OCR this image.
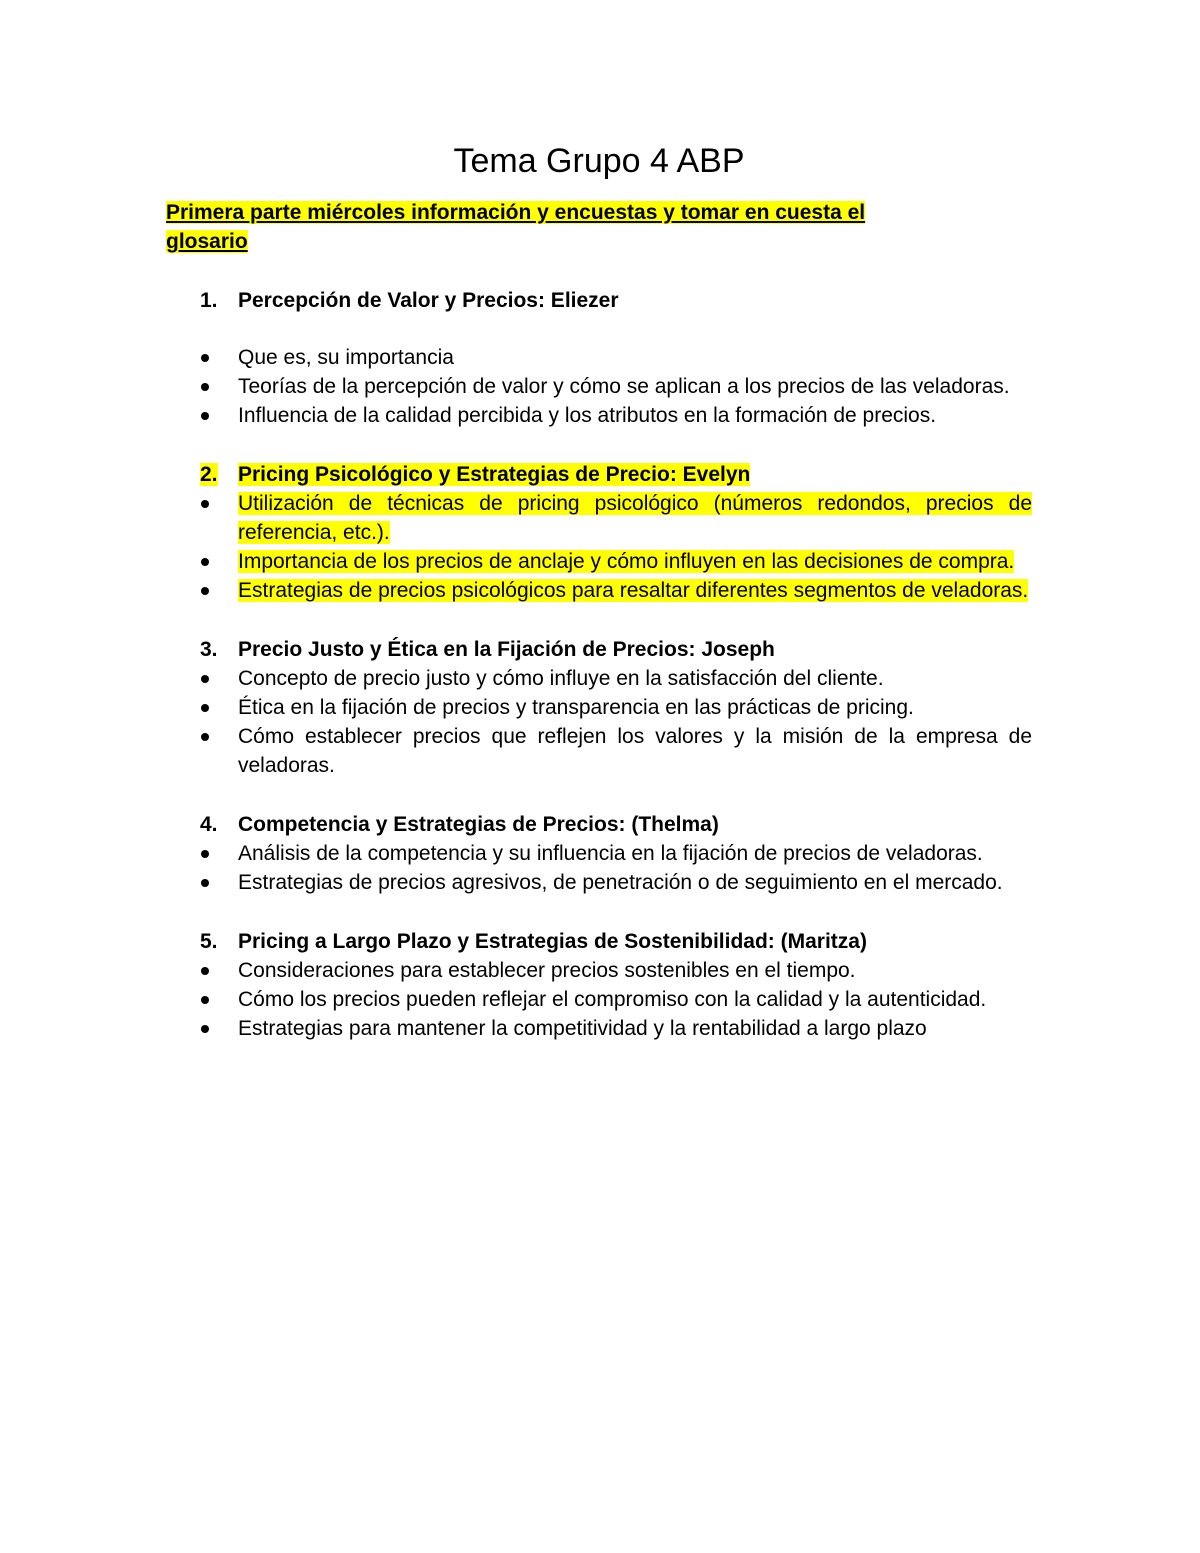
Tema Grupo 4 ABP
Primera parte miércoles información y encuestas y tomar en cuesta el
glosario
1. Percepción de Valor y Precios: Eliezer
Que es, su importancia
Teorías de la percepción de valor y cómo se aplican a los precios de las veladoras.
Influencia de la calidad percibida y los atributos en la formación de precios.
2. Pricing Psicológico y Estrategias de Precio: Evelyn
Utilización de técnicas de pricing psicológico (números redondos, precios de referencia, etc.).
Importancia de los precios de anclaje y cómo influyen en las decisiones de compra.
Estrategias de precios psicológicos para resaltar diferentes segmentos de veladoras.
3. Precio Justo y Ética en la Fijación de Precios: Joseph
Concepto de precio justo y cómo influye en la satisfacción del cliente.
Ética en la fijación de precios y transparencia en las prácticas de pricing.
Cómo establecer precios que reflejen los valores y la misión de la empresa de veladoras.
4. Competencia y Estrategias de Precios: (Thelma)
Análisis de la competencia y su influencia en la fijación de precios de veladoras.
Estrategias de precios agresivos, de penetración o de seguimiento en el mercado.
5. Pricing a Largo Plazo y Estrategias de Sostenibilidad: (Maritza)
Consideraciones para establecer precios sostenibles en el tiempo.
Cómo los precios pueden reflejar el compromiso con la calidad y la autenticidad.
Estrategias para mantener la competitividad y la rentabilidad a largo plazo
